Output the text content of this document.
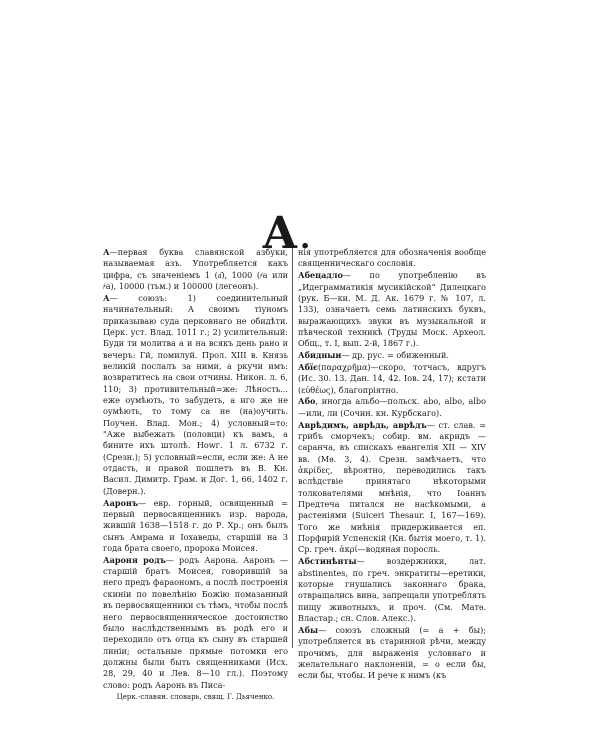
А.

А—первая буква славянской азбуки, называемая азъ. Употребляется какъ цифра, съ значеніемъ 1 (а҃), 1000 (҂а или ҂а), 10000 (тьм.) и 100000 (легеонъ).

А— союзъ: 1) соединительный начинательный: А своимъ тіуномъ приказываю суда церковнаго не обидѣти. Церк. уст. Влад. 1011 г.; 2) усилительный: Буди ти молитва а и на всякъ день рано и вечеръ: Гй, помилуй. Прол. XIII в. Князь великій послалъ за ними, а ркучи имъ: возвратитесь на свои отчины. Никон. л. 6, 110; 3) противительный=же: Лѣность... еже оумѣють, то забудеть, а иго же не оумѣють, то тому са не (на)оучить. Поучен. Влад. Мон.; 4) условный=то: "Аже выбежать (половци) къ вамъ, а бините ихъ штолѣ. Ноwг. 1 л. 6732 г. (Срезн.); 5) условный=если, если же: А не отдасть, и правой пошлетъ въ В. Кн. Васил. Димитр. Грам. и Дог. 1, 66, 1402 г. (Доверн.).

Ааронъ— евр. горный, освященный = первый первосвященникъ изр. народа, жившій 1638—1518 г. до Р. Хр.; онъ былъ сынъ Амрама и Іохаведы, старшій на 3 года брата своего, пророка Моисея.

Аароня родъ— родъ Аарона. Ааронъ — старшій братъ Моисея, говорившій за него предъ фараономъ, а послѣ построенія скиніи по повелѣнію Божію помазанный въ первосвященники съ тѣмъ, чтобы послѣ него первосвященническое достоинство было наслѣдственнымъ въ родѣ его и переходило отъ отца къ сыну въ старшей линіи; остальные прямые потомки его должны были быть священниками (Исх. 28, 29, 40 и Лев. 8—10 гл.). Поэтому слово: родъ Ааронь въ Писа-

Церк.-славян. словарь, свящ. Г. Дьяченко.

нія употребляется для обозначенія вообще священническаго сословія.

Абецадло— по употребленію въ „Идеграмматикія мусикійской“ Дилецкаго (рук. Б—ки. М. Д. Ак. 1679 г. № 107, л. 133), означаетъ семь латинскихъ буквъ, выражающихъ звуки въ музыкальной и пѣвческой техникѣ (Труды Моск. Археол. Общ., т. I, вып. 2-й, 1867 г.).

Абидныи— др. рус. = обиженный.

Абїє(παραχρῆμα)—скоро, тотчасъ, вдругъ (Ис. 30. 13. Дан. 14, 42. Іов. 24, 17); кстати (εὐθέως), благопріятно.

Або, иногда альбо—польск. abo, albo, albo—или, ли (Сочин. кн. Курбскаго).

Аврѣдимъ, аврѣдь, аврѣдъ— ст. слав. = грибъ сморчекъ; собир. вм. акридъ — саранча, въ спискахъ евангелія XII — XIV вв. (Мѳ. 3, 4). Срезн. замѣчаетъ, что ἀκρίδες, вѣроятно, переводились такъ вслѣдствіе принятаго нѣкоторыми толкователями мнѣнія, что Іоаннъ Предтеча питался не насѣкомыми, а растеніями (Suiceri Thesaur. I, 167—169). Того же мнѣнія придерживается еп. Порфирій Успенскій (Кн. бытія моего, т. 1). Ср. греч. ἀκρί—водяная поросль.

Абстинѣнты— воздержники, лат. abstinentes, по греч. энкратиты—еретики, которые гнушались законнаго брака, отвращались вина, запрещали употреблять пищу животныхъ, и проч. (См. Матѳ. Властар.; сн. Слов. Алекс.).

Абы— союзъ сложный (= а + бы); употребляется въ старинной рѣчи, между прочимъ, для выраженія условнаго и желательнаго наклоненій, = о если бы, если бы, чтобы. И рече к нимъ (къ
